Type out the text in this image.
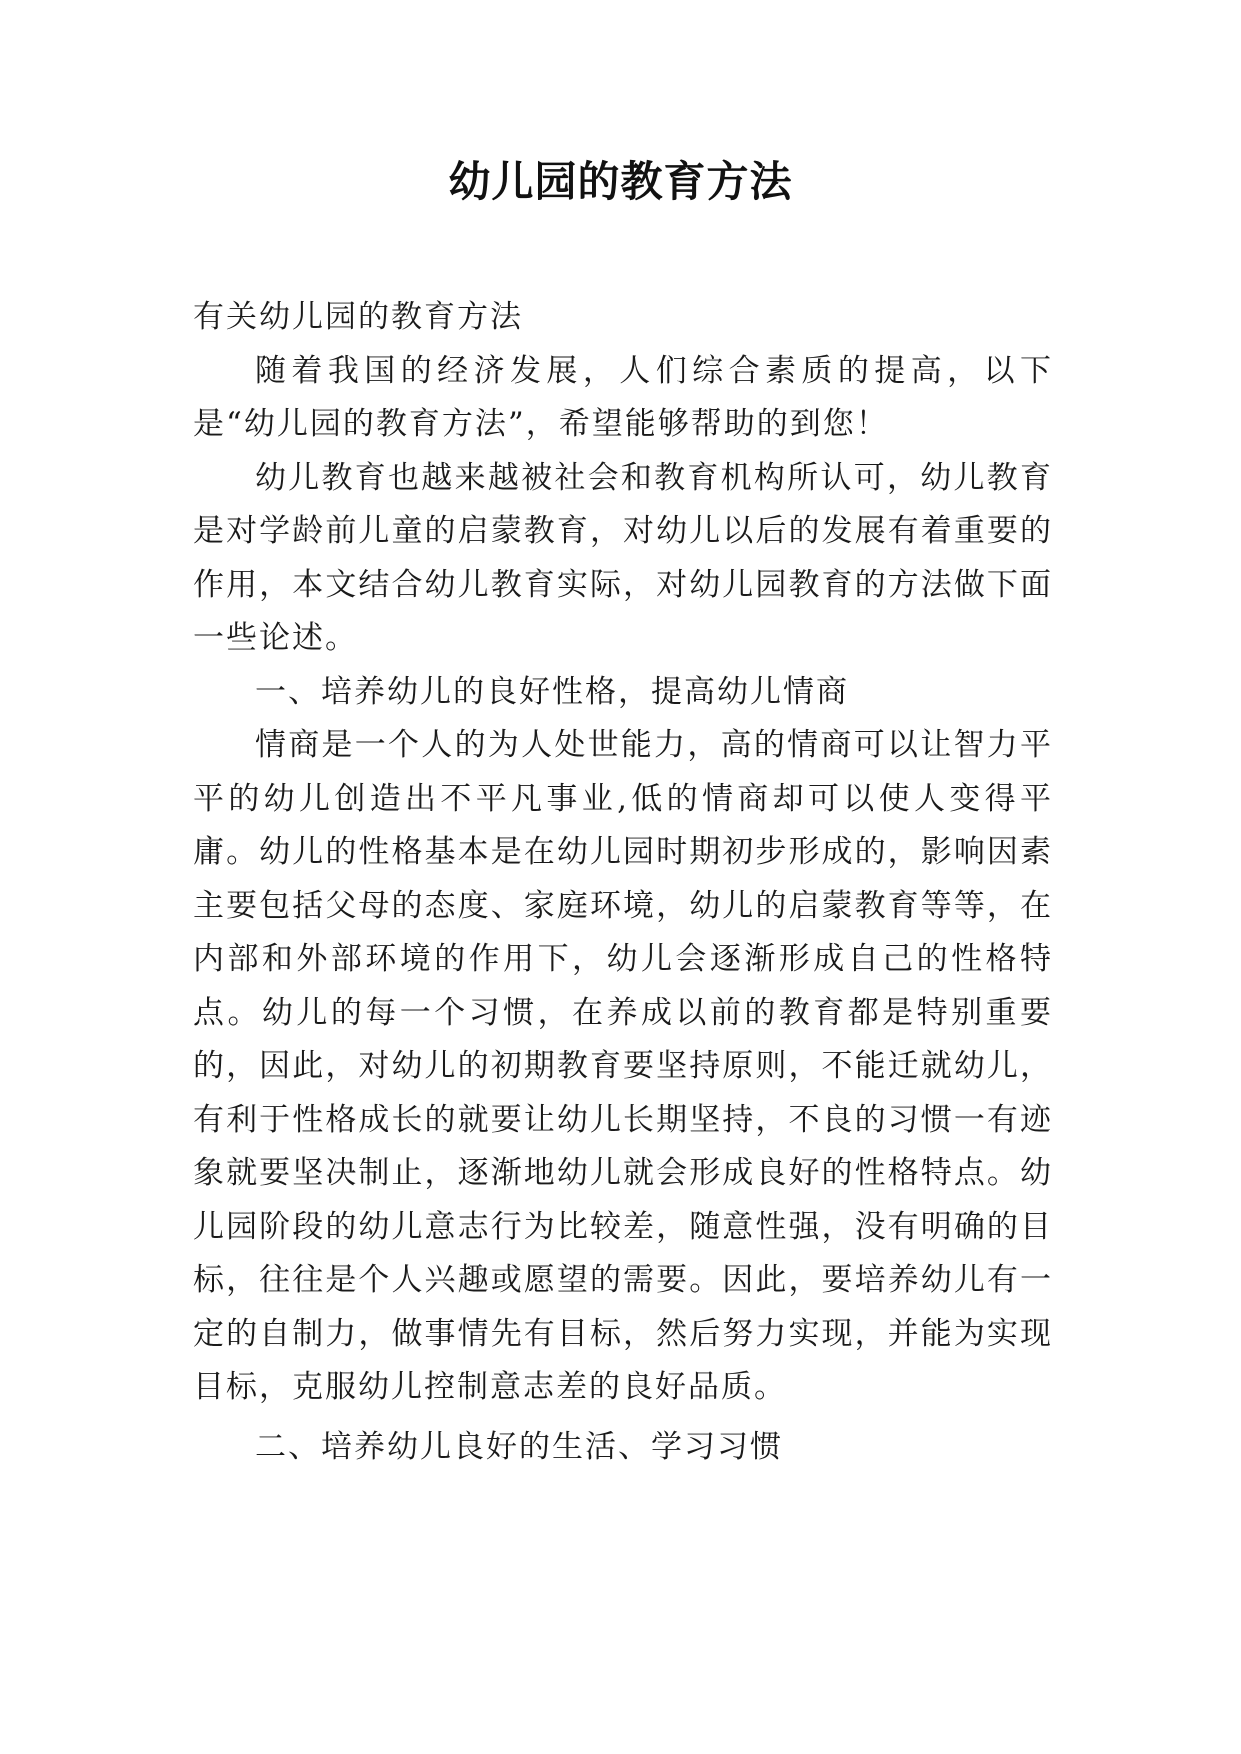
幼儿园的教育方法

有关幼儿园的教育方法

随着我国的经济发展，人们综合素质的提高，以下是“幼儿园的教育方法”，希望能够帮助的到您！

幼儿教育也越来越被社会和教育机构所认可，幼儿教育是对学龄前儿童的启蒙教育，对幼儿以后的发展有着重要的作用，本文结合幼儿教育实际，对幼儿园教育的方法做下面一些论述。

一、培养幼儿的良好性格，提高幼儿情商

情商是一个人的为人处世能力，高的情商可以让智力平平的幼儿创造出不平凡事业,低的情商却可以使人变得平庸。幼儿的性格基本是在幼儿园时期初步形成的，影响因素主要包括父母的态度、家庭环境，幼儿的启蒙教育等等，在内部和外部环境的作用下，幼儿会逐渐形成自己的性格特点。幼儿的每一个习惯，在养成以前的教育都是特别重要的，因此，对幼儿的初期教育要坚持原则，不能迁就幼儿，有利于性格成长的就要让幼儿长期坚持，不良的习惯一有迹象就要坚决制止，逐渐地幼儿就会形成良好的性格特点。幼儿园阶段的幼儿意志行为比较差，随意性强，没有明确的目标，往往是个人兴趣或愿望的需要。因此，要培养幼儿有一定的自制力，做事情先有目标，然后努力实现，并能为实现目标，克服幼儿控制意志差的良好品质。

二、培养幼儿良好的生活、学习习惯
